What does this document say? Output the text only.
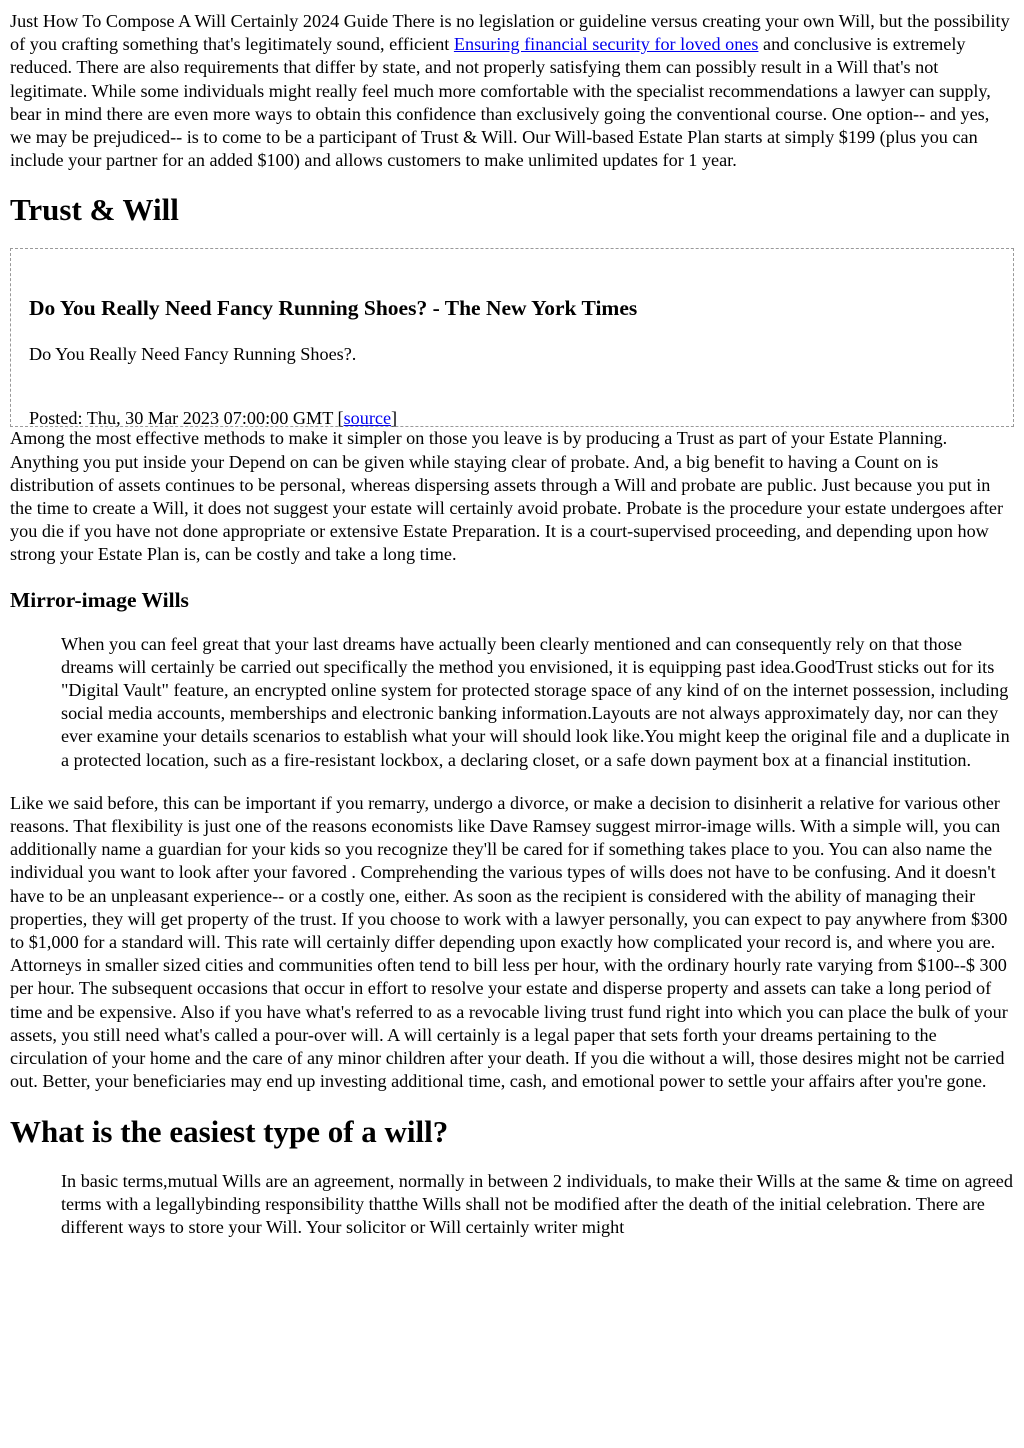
Just How To Compose A Will Certainly 2024 Guide There is no legislation or guideline versus creating your own Will, but the possibility of you crafting something that's legitimately sound, efficient Ensuring financial security for loved ones and conclusive is extremely reduced. There are also requirements that differ by state, and not properly satisfying them can possibly result in a Will that's not legitimate. While some individuals might really feel much more comfortable with the specialist recommendations a lawyer can supply, bear in mind there are even more ways to obtain this confidence than exclusively going the conventional course. One option-- and yes, we may be prejudiced-- is to come to be a participant of Trust & Will. Our Will-based Estate Plan starts at simply $199 (plus you can include your partner for an added $100) and allows customers to make unlimited updates for 1 year.

Trust & Will
Do You Really Need Fancy Running Shoes? - The New York Times

Do You Really Need Fancy Running Shoes?.

Posted: Thu, 30 Mar 2023 07:00:00 GMT [source]

Among the most effective methods to make it simpler on those you leave is by producing a Trust as part of your Estate Planning. Anything you put inside your Depend on can be given while staying clear of probate. And, a big benefit to having a Count on is distribution of assets continues to be personal, whereas dispersing assets through a Will and probate are public. Just because you put in the time to create a Will, it does not suggest your estate will certainly avoid probate. Probate is the procedure your estate undergoes after you die if you have not done appropriate or extensive Estate Preparation. It is a court-supervised proceeding, and depending upon how strong your Estate Plan is, can be costly and take a long time.

Mirror-image Wills
When you can feel great that your last dreams have actually been clearly mentioned and can consequently rely on that those dreams will certainly be carried out specifically the method you envisioned, it is equipping past idea.GoodTrust sticks out for its "Digital Vault" feature, an encrypted online system for protected storage space of any kind of on the internet possession, including social media accounts, memberships and electronic banking information.Layouts are not always approximately day, nor can they ever examine your details scenarios to establish what your will should look like.You might keep the original file and a duplicate in a protected location, such as a fire-resistant lockbox, a declaring closet, or a safe down payment box at a financial institution.

Like we said before, this can be important if you remarry, undergo a divorce, or make a decision to disinherit a relative for various other reasons. That flexibility is just one of the reasons economists like Dave Ramsey suggest mirror-image wills. With a simple will, you can additionally name a guardian for your kids so you recognize they'll be cared for if something takes place to you. You can also name the individual you want to look after your favored . Comprehending the various types of wills does not have to be confusing. And it doesn't have to be an unpleasant experience-- or a costly one, either. As soon as the recipient is considered with the ability of managing their properties, they will get property of the trust. If you choose to work with a lawyer personally, you can expect to pay anywhere from $300 to $1,000 for a standard will. This rate will certainly differ depending upon exactly how complicated your record is, and where you are. Attorneys in smaller sized cities and communities often tend to bill less per hour, with the ordinary hourly rate varying from $100--$ 300 per hour. The subsequent occasions that occur in effort to resolve your estate and disperse property and assets can take a long period of time and be expensive. Also if you have what's referred to as a revocable living trust fund right into which you can place the bulk of your assets, you still need what's called a pour-over will. A will certainly is a legal paper that sets forth your dreams pertaining to the circulation of your home and the care of any minor children after your death. If you die without a will, those desires might not be carried out. Better, your beneficiaries may end up investing additional time, cash, and emotional power to settle your affairs after you're gone.

What is the easiest type of a will?
In basic terms,mutual Wills are an agreement, normally in between 2 individuals, to make their Wills at the same & time on agreed terms with a legallybinding responsibility thatthe Wills shall not be modified after the death of the initial celebration. There are different ways to store your Will. Your solicitor or Will certainly writer might
